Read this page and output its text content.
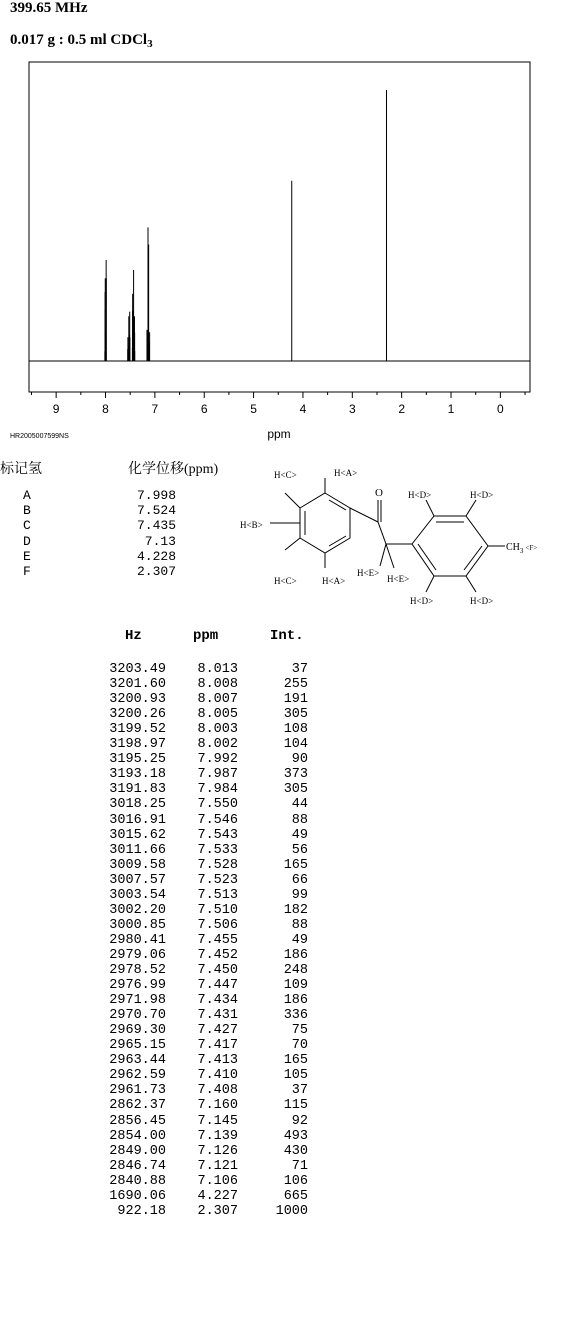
399.65 MHz
0.017 g : 0.5 ml CDCl$_3$
9	8	7	6	5	4	3	2	1	0
ppm
HR2005007599NS
标记氢	化学位移(ppm)
A	7.998
B	7.524
C	7.435
D	7.13
E	4.228
F	2.307
H<C>	H<A>
H<B>
H<C>	H<A>
O
H<E>
H<E>
H<D>	H<D>
H<D>	H<D>
$CH_3$ $^{<F>}$
Hz	ppm	Int.
3203.49	8.013	37
3201.60	8.008	255
3200.93	8.007	191
3200.26	8.005	305
3199.52	8.003	108
3198.97	8.002	104
3195.25	7.992	90
3193.18	7.987	373
3191.83	7.984	305
3018.25	7.550	44
3016.91	7.546	88
3015.62	7.543	49
3011.66	7.533	56
3009.58	7.528	165
3007.57	7.523	66
3003.54	7.513	99
3002.20	7.510	182
3000.85	7.506	88
2980.41	7.455	49
2979.06	7.452	186
2978.52	7.450	248
2976.99	7.447	109
2971.98	7.434	186
2970.70	7.431	336
2969.30	7.427	75
2965.15	7.417	70
2963.44	7.413	165
2962.59	7.410	105
2961.73	7.408	37
2862.37	7.160	115
2856.45	7.145	92
2854.00	7.139	493
2849.00	7.126	430
2846.74	7.121	71
2840.88	7.106	106
1690.06	4.227	665
922.18	2.307	1000
